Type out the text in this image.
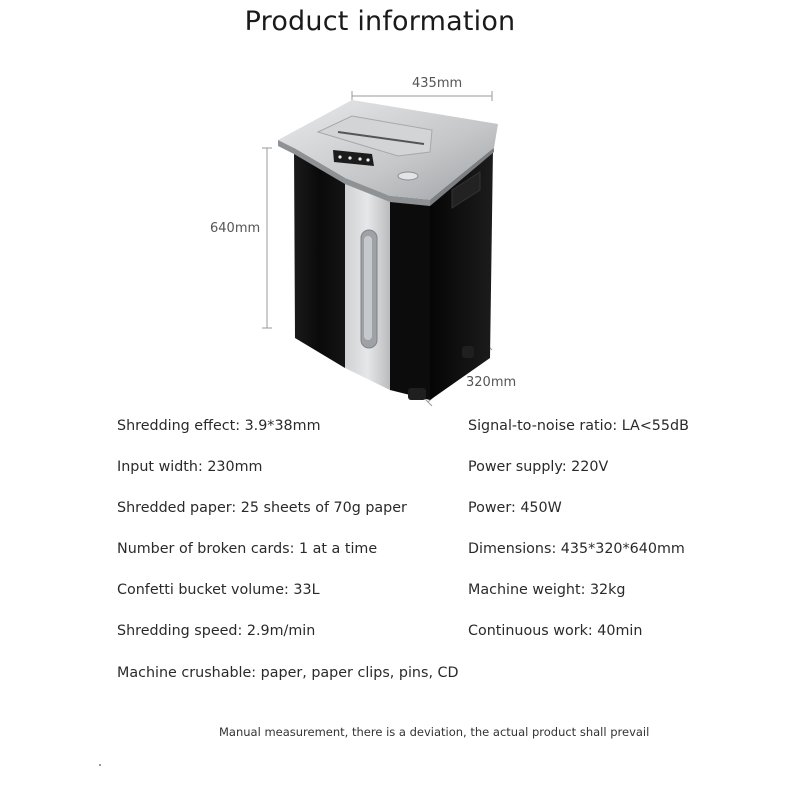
Product information
435mm
640mm
320mm
Shredding effect: 3.9*38mm
Input width: 230mm
Shredded paper: 25 sheets of 70g paper
Number of broken cards: 1 at a time
Confetti bucket volume: 33L
Shredding speed: 2.9m/min
Machine crushable: paper, paper clips, pins, CD
Signal-to-noise ratio: LA<55dB
Power supply: 220V
Power: 450W
Dimensions: 435*320*640mm
Machine weight: 32kg
Continuous work: 40min
Manual measurement, there is a deviation, the actual product shall prevail
